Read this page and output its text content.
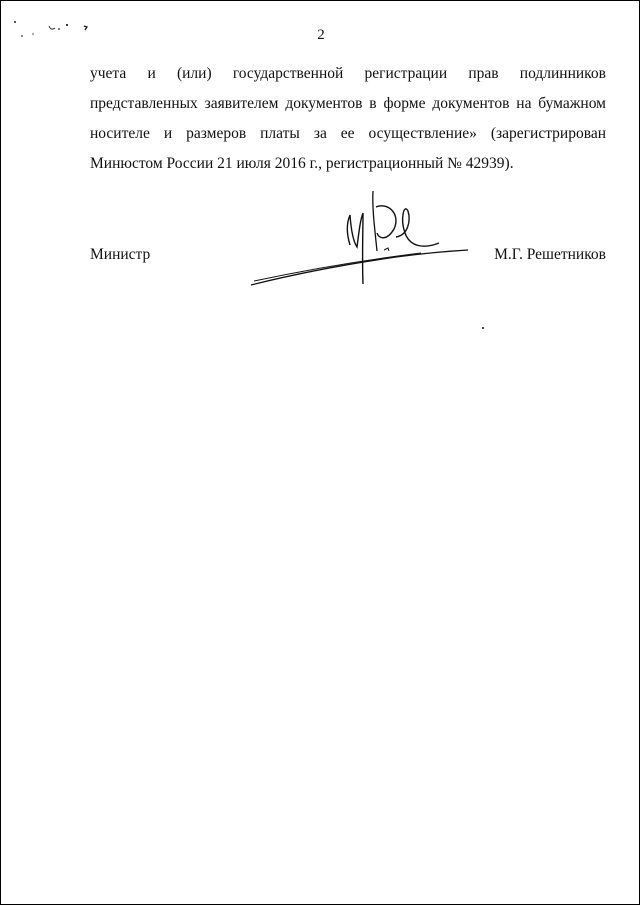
2
учета и (или) государственной регистрации прав подлинников
представленных заявителем документов в форме документов на бумажном
носителе и размеров платы за ее осуществление» (зарегистрирован
Минюстом России 21 июля 2016 г., регистрационный № 42939).
Министр	М.Г. Решетников
